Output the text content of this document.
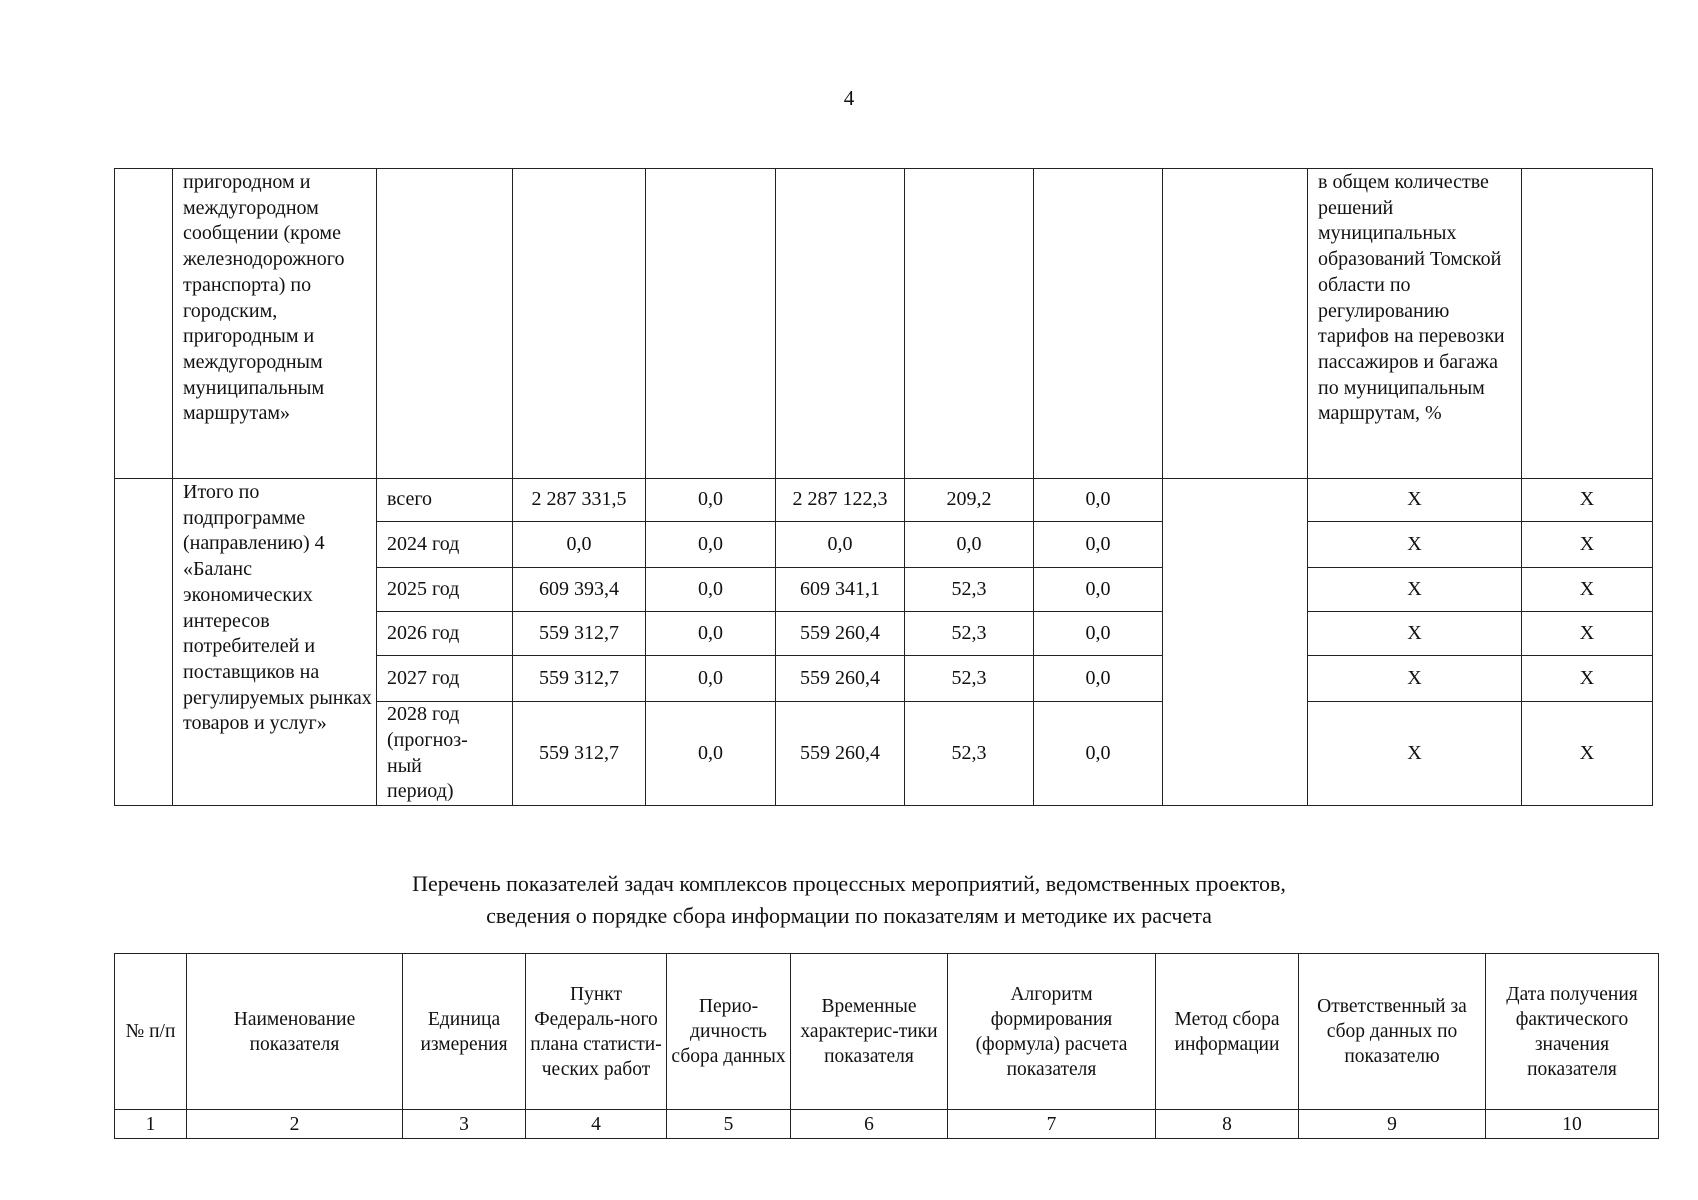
4
	пригородном и междугородном сообщении (кроме железнодорожного транспорта) по городским, пригородным и междугородным муниципальным маршрутам»								в общем количестве решений муниципальных образований Томской области по регулированию тарифов на перевозки пассажиров и багажа по муниципальным маршрутам, %	
	Итого по подпрограмме (направлению) 4 «Баланс экономических интересов потребителей и поставщиков на регулируемых рынках товаров и услуг»	всего	2 287 331,5	0,0	2 287 122,3	209,2	0,0		X	X
		2024 год	0,0	0,0	0,0	0,0	0,0		X	X
		2025 год	609 393,4	0,0	609 341,1	52,3	0,0		X	X
		2026 год	559 312,7	0,0	559 260,4	52,3	0,0		X	X
		2027 год	559 312,7	0,0	559 260,4	52,3	0,0		X	X
		2028 год (прогноз-ный период)	559 312,7	0,0	559 260,4	52,3	0,0		X	X
Перечень показателей задач комплексов процессных мероприятий, ведомственных проектов,
сведения о порядке сбора информации по показателям и методике их расчета
№ п/п	Наименование показателя	Единица измерения	Пункт Федераль-ного плана статисти-ческих работ	Перио-дичность сбора данных	Временные характерис-тики показателя	Алгоритм формирования (формула) расчета показателя	Метод сбора информации	Ответственный за сбор данных по показателю	Дата получения фактического значения показателя
1	2	3	4	5	6	7	8	9	10
